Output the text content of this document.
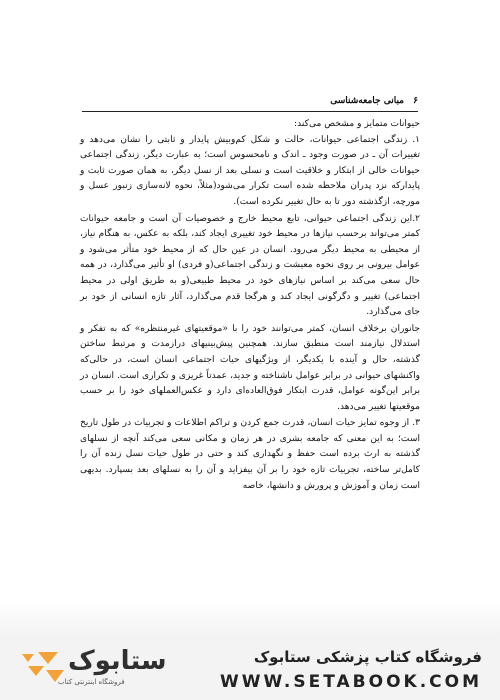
۶
مبانی جامعه‌شناسی

حیوانات متمایز و مشخص می‌کند:

۱. زندگی اجتماعی حیوانات، حالت و شکل کم‌وبیش پایدار و ثابتی را نشان می‌دهد و تغییرات آن ـ در صورت وجود ـ اندک و نامحسوس است؛ به عبارت دیگر، زندگی اجتماعی حیوانات خالی از ابتکار و خلاقیت است و نسلی بعد از نسل دیگر، به همان صورت ثابت و پایدارکه نزد پدران ملاحظه شده است تکرار می‌شود(مثلاً، نحوه لانه‌سازی زنبور عسل و مورچه، ازگذشته دور تا به حال تغییر نکرده است).

۲.این زندگی اجتماعی حیوانی، تابع محیط خارج و خصوصیات آن است و جامعه حیوانات کمتر می‌تواند برحسب نیازها در محیط خود تغییری ایجاد کند، بلکه به عکس، به هنگام نیاز، از محیطی به محیط دیگر می‌رود. انسان در عین حال که از محیط خود متأثر می‌شود و عوامل بیرونی بر روی نحوه معیشت و زندگی اجتماعی(و فردی) او تأثیر می‌گذارد، در همه حال سعی می‌کند بر اساس نیازهای خود در محیط طبیعی(و به طریق اولی در محیط اجتماعی) تغییر و دگرگونی ایجاد کند و هرگجا قدم می‌گذارد، آثار تازه انسانی از خود بر جای می‌گذارد.

جانوران برخلاف انسان، کمتر می‌توانند خود را با «موقعیتهای غیرمنتظره» که به تفکر و استدلال نیازمند است منطبق سازند. همچنین پیش‌بینیهای درازمدت و مرتبط ساختن گذشته، حال و آینده با یکدیگر، از ویژگیهای حیات اجتماعی انسان است، در حالی‌که واکنشهای حیوانی در برابر عوامل ناشناخته و جدید، عمدتاً غریزی و تکراری است. انسان در برابر این‌گونه عوامل، قدرت ابتکار فوق‌العاده‌ای دارد و عکس‌العملهای خود را بر حسب موقعیتها تغییر می‌دهد.

۳. از وجوه تمایز حیات انسان، قدرت جمع کردن و تراکم اطلاعات و تجربیات در طول تاریخ است؛ به این معنی که جامعه بشری در هر زمان و مکانی سعی می‌کند آنچه از نسلهای گذشته به ارث برده است حفظ و نگهداری کند و حتی در طول حیات نسل زنده آن را کامل‌تر ساخته، تجربیات تازه خود را بر آن بیفزاید و آن را به نسلهای بعد بسپارد. بدیهی است زمان و آموزش و پرورش و دانشها، خاصه

ستابوک
فروشگاه اینترنتی کتاب
فروشگاه کتاب پزشکی ستابوک
WWW.SETABOOK.COM
